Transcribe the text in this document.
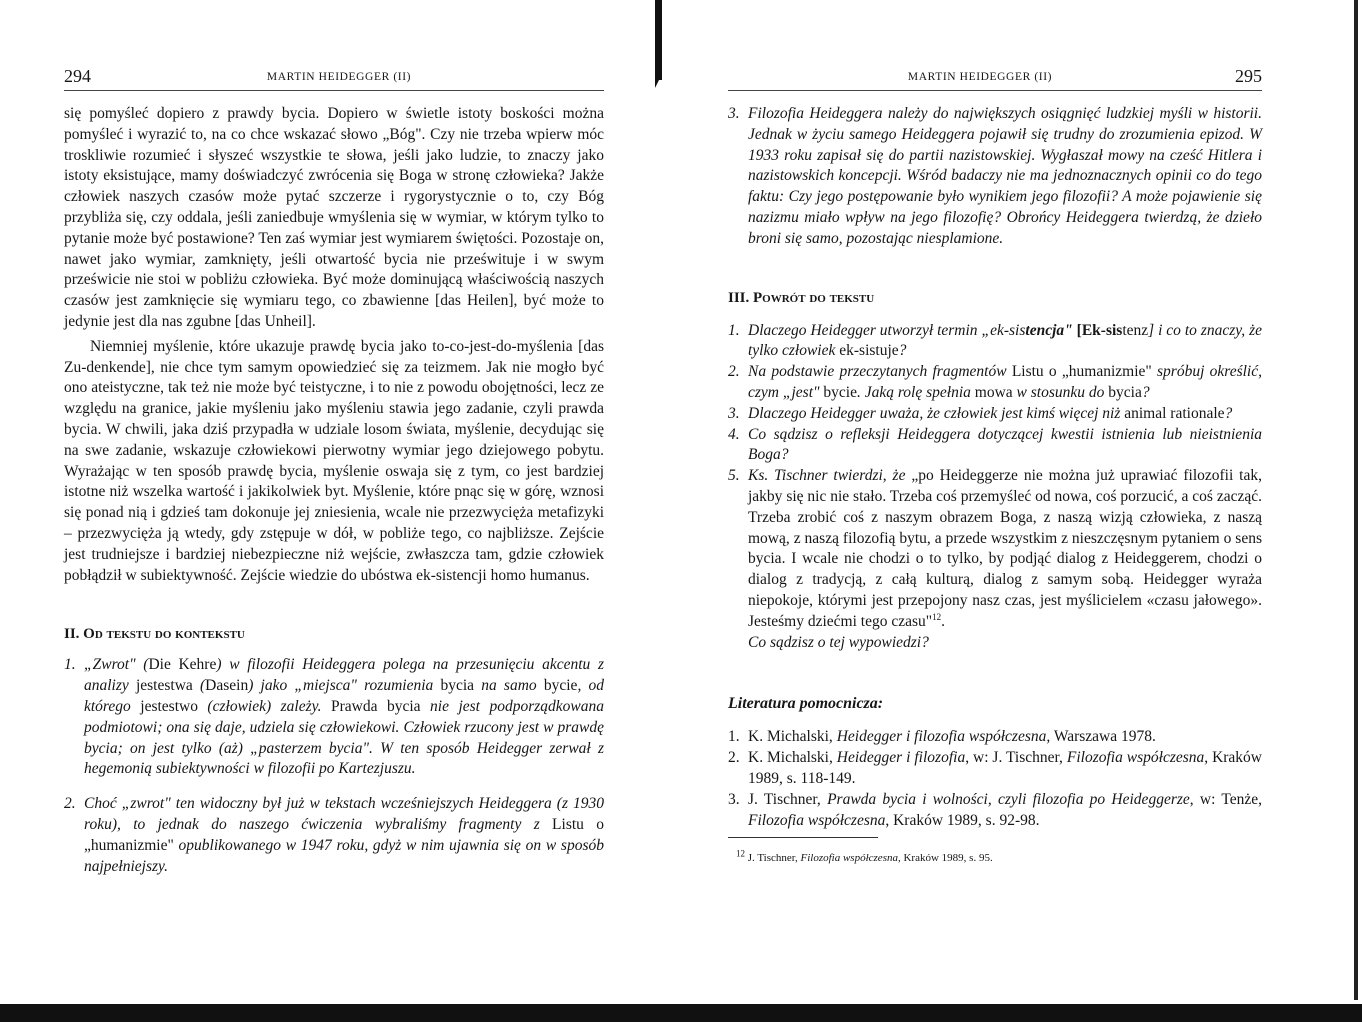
294	MARTIN HEIDEGGER (II)

się pomyśleć dopiero z prawdy bycia. Dopiero w świetle istoty boskości można pomyśleć i wyrazić to, na co chce wskazać słowo „Bóg". Czy nie trzeba wpierw móc troskliwie rozumieć i słyszeć wszystkie te słowa, jeśli jako ludzie, to znaczy jako istoty eksistujące, mamy doświadczyć zwrócenia się Boga w stronę człowieka? Jakże człowiek naszych czasów może pytać szczerze i rygorystycznie o to, czy Bóg przybliża się, czy oddala, jeśli zaniedbuje wmyślenia się w wymiar, w którym tylko to pytanie może być postawione? Ten zaś wymiar jest wymiarem świętości. Pozostaje on, nawet jako wymiar, zamknięty, jeśli otwartość bycia nie prześwituje i w swym prześwicie nie stoi w pobliżu człowieka. Być może dominującą właściwością naszych czasów jest zamknięcie się wymiaru tego, co zbawienne [das Heilen], być może to jedynie jest dla nas zgubne [das Unheil].

Niemniej myślenie, które ukazuje prawdę bycia jako to-co-jest-do-myślenia [das Zu-denkende], nie chce tym samym opowiedzieć się za teizmem. Jak nie mogło być ono ateistyczne, tak też nie może być teistyczne, i to nie z powodu obojętności, lecz ze względu na granice, jakie myśleniu jako myśleniu stawia jego zadanie, czyli prawda bycia. W chwili, jaka dziś przypadła w udziale losom świata, myślenie, decydując się na swe zadanie, wskazuje człowiekowi pierwotny wymiar jego dziejowego pobytu. Wyrażając w ten sposób prawdę bycia, myślenie oswaja się z tym, co jest bardziej istotne niż wszelka wartość i jakikolwiek byt. Myślenie, które pnąc się w górę, wznosi się ponad nią i gdzieś tam dokonuje jej zniesienia, wcale nie przezwycięża metafizyki – przezwycięża ją wtedy, gdy zstępuje w dół, w pobliże tego, co najbliższe. Zejście jest trudniejsze i bardziej niebezpieczne niż wejście, zwłaszcza tam, gdzie człowiek pobłądził w subiektywność. Zejście wiedzie do ubóstwa ek-sistencji homo humanus.

II. Od tekstu do kontekstu
1. „Zwrot" (Die Kehre) w filozofii Heideggera polega na przesunięciu akcentu z analizy jestestwa (Dasein) jako „miejsca" rozumienia bycia na samo bycie, od którego jestestwo (człowiek) zależy. Prawda bycia nie jest podporządkowana podmiotowi; ona się daje, udziela się człowiekowi. Człowiek rzucony jest w prawdę bycia; on jest tylko (aż) „pasterzem bycia". W ten sposób Heidegger zerwał z hegemonią subiektywności w filozofii po Kartezjuszu.
2. Choć „zwrot" ten widoczny był już w tekstach wcześniejszych Heideggera (z 1930 roku), to jednak do naszego ćwiczenia wybraliśmy fragmenty z Listu o „humanizmie" opublikowanego w 1947 roku, gdyż w nim ujawnia się on w sposób najpełniejszy.
MARTIN HEIDEGGER (II)	295
3. Filozofia Heideggera należy do największych osiągnięć ludzkiej myśli w historii. Jednak w życiu samego Heideggera pojawił się trudny do zrozumienia epizod. W 1933 roku zapisał się do partii nazistowskiej. Wygłaszał mowy na cześć Hitlera i nazistowskich koncepcji. Wśród badaczy nie ma jednoznacznych opinii co do tego faktu: Czy jego postępowanie było wynikiem jego filozofii? A może pojawienie się nazizmu miało wpływ na jego filozofię? Obrońcy Heideggera twierdzą, że dzieło broni się samo, pozostając niesplamione.
III. Powrót do tekstu
1. Dlaczego Heidegger utworzył termin „ek-sistencja" [Ek-sistenz] i co to znaczy, że tylko człowiek ek-sistuje?
2. Na podstawie przeczytanych fragmentów Listu o „humanizmie" spróbuj określić, czym „jest" bycie. Jaką rolę spełnia mowa w stosunku do bycia?
3. Dlaczego Heidegger uważa, że człowiek jest kimś więcej niż animal rationale?
4. Co sądzisz o refleksji Heideggera dotyczącej kwestii istnienia lub nieistnienia Boga?
5. Ks. Tischner twierdzi, że „po Heideggerze nie można już uprawiać filozofii tak, jakby się nic nie stało. Trzeba coś przemyśleć od nowa, coś porzucić, a coś zacząć. Trzeba zrobić coś z naszym obrazem Boga, z naszą wizją człowieka, z naszą mową, z naszą filozofią bytu, a przede wszystkim z nieszczęsnym pytaniem o sens bycia. I wcale nie chodzi o to tylko, by podjąć dialog z Heideggerem, chodzi o dialog z tradycją, z całą kulturą, dialog z samym sobą. Heidegger wyraża niepokoje, którymi jest przepojony nasz czas, jest myślicielem «czasu jałowego». Jesteśmy dziećmi tego czasu"$^{12}$.
Co sądzisz o tej wypowiedzi?
Literatura pomocnicza:
1. K. Michalski, Heidegger i filozofia współczesna, Warszawa 1978.
2. K. Michalski, Heidegger i filozofia, w: J. Tischner, Filozofia współczesna, Kraków 1989, s. 118-149.
3. J. Tischner, Prawda bycia i wolności, czyli filozofia po Heideggerze, w: Tenże, Filozofia współczesna, Kraków 1989, s. 92-98.
$^{12}$ J. Tischner, Filozofia współczesna, Kraków 1989, s. 95.
